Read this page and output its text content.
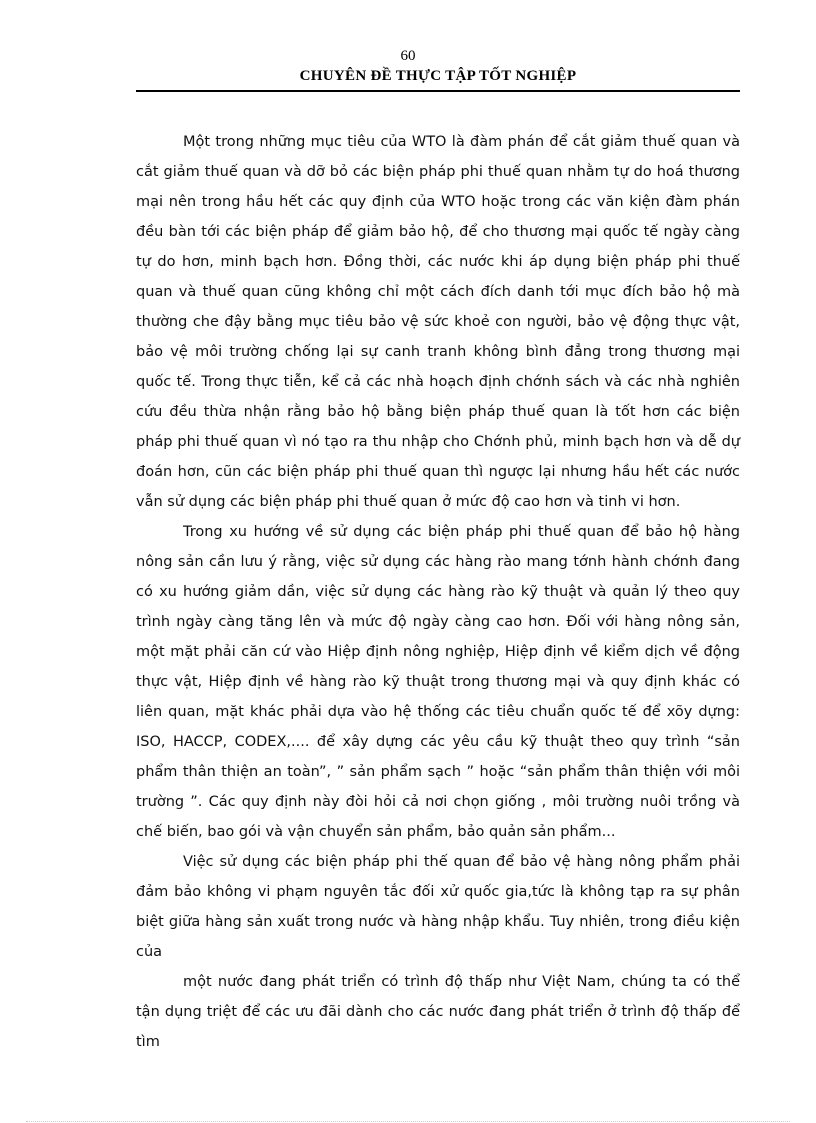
60
CHUYÊN ĐỀ THỰC TẬP TỐT NGHIỆP

Một trong những mục tiêu của WTO là đàm phán để cắt giảm thuế quan và cắt giảm thuế quan và dỡ bỏ các biện pháp phi thuế quan nhằm tự do hoá thương mại nên trong hầu hết các quy định của WTO hoặc trong các văn kiện đàm phán đều bàn tới các biện pháp để giảm bảo hộ, để cho thương mại quốc tế ngày càng tự do hơn, minh bạch hơn. Đồng thời, các nước khi áp dụng biện pháp phi thuế quan và thuế quan cũng không chỉ một cách đích danh tới mục đích bảo hộ mà thường che đậy bằng mục tiêu bảo vệ sức khoẻ con người, bảo vệ động thực vật, bảo vệ môi trường chống lại sự canh tranh không bình đẳng trong thương mại quốc tế. Trong thực tiễn, kể cả các nhà hoạch định chớnh sách và các nhà nghiên cứu đều thừa nhận rằng bảo hộ bằng biện pháp thuế quan là tốt hơn các biện pháp phi thuế quan vì nó tạo ra thu nhập cho Chớnh phủ, minh bạch hơn và dễ dự đoán hơn, cũn các biện pháp phi thuế quan thì ngược lại nhưng hầu hết các nước vẫn sử dụng các biện pháp phi thuế quan ở mức độ cao hơn và tinh vi hơn.

Trong xu hướng về sử dụng các biện pháp phi thuế quan để bảo hộ hàng nông sản cần lưu ý rằng, việc sử dụng các hàng rào mang tớnh hành chớnh đang có xu hướng giảm dần, việc sử dụng các hàng rào kỹ thuật và quản lý theo quy trình ngày càng tăng lên và mức độ ngày càng cao hơn. Đối với hàng nông sản, một mặt phải căn cứ vào Hiệp định nông nghiệp, Hiệp định về kiểm dịch về động thực vật, Hiệp định về hàng rào kỹ thuật trong thương mại và quy định khác có liên quan, mặt khác phải dựa vào hệ thống các tiêu chuẩn quốc tế để xõy dựng: ISO, HACCP, CODEX,.... để xây dựng các yêu cầu kỹ thuật theo quy trình “sản phẩm thân thiện an toàn”, ” sản phẩm sạch ” hoặc “sản phẩm thân thiện với môi trường ”. Các quy định này đòi hỏi cả nơi chọn giống , môi trường nuôi trồng và chế biến, bao gói và vận chuyển sản phẩm, bảo quản sản phẩm...

Việc sử dụng các biện pháp phi thế quan để bảo vệ hàng nông phẩm phải đảm bảo không vi phạm nguyên tắc đối xử quốc gia,tức là không tạp ra sự phân biệt giữa hàng sản xuất trong nước và hàng nhập khẩu. Tuy nhiên, trong điều kiện của

một nước đang phát triển có trình độ thấp như Việt Nam, chúng ta có thể tận dụng triệt để các ưu đãi dành cho các nước đang phát triển ở trình độ thấp để tìm
